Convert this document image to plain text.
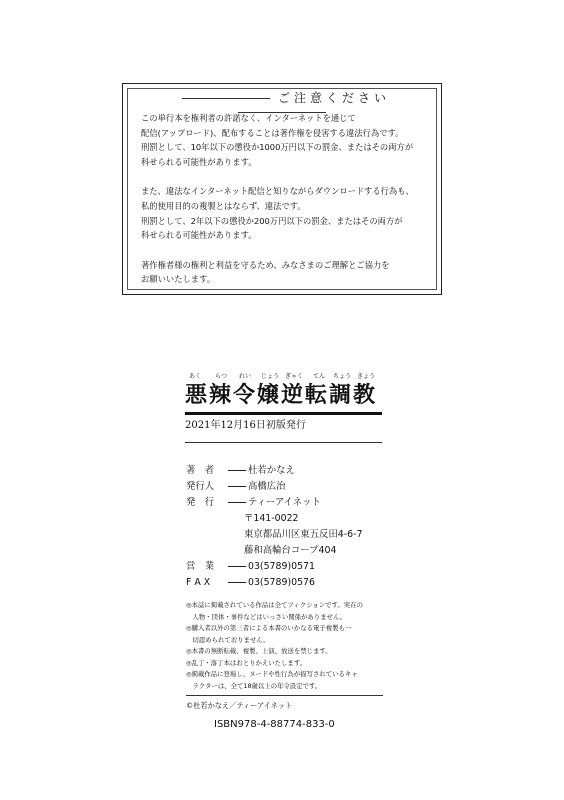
ご注意ください
この単行本を権利者の許諾なく、インターネットを通じて
配信(アップロード)、配布することは著作権を侵害する違法行為です。
刑罰として、10年以下の懲役か1000万円以下の罰金、またはその両方が
科せられる可能性があります。
また、違法なインターネット配信と知りながらダウンロードする行為も、
私的使用目的の複製とはならず、違法です。
刑罰として、2年以下の懲役か200万円以下の罰金、またはその両方が
科せられる可能性があります。
著作権者様の権利と利益を守るため、みなさまのご理解とご協力を
お願いいたします。
あく らつ れい じょう ぎゃく てん ちょう きょう
悪辣令嬢逆転調教
2021年12月16日初版発行
著　者	杜若かなえ
発行人	高橋広治
発　行	ティーアイネット
〒141-0022
東京都品川区東五反田4-6-7
藤和高輪台コープ404
営　業	03(5789)0571
F A X	03(5789)0576
◎本誌に掲載されている作品は全てフィクションです。実在の
　人物・団体・事件などはいっさい関係がありません。
◎購入者以外の第三者による本書のいかなる電子複製も一
　切認められておりません。
◎本書の無断転載、複製、上演、放送を禁じます。
◎乱丁・落丁本はおとりかえいたします。
◎掲載作品に登場し、ヌードや性行為が描写されているキャ
　ラクターは、全て18歳以上の年令設定です。
©杜若かなえ／ティーアイネット
ISBN978-4-88774-833-0
